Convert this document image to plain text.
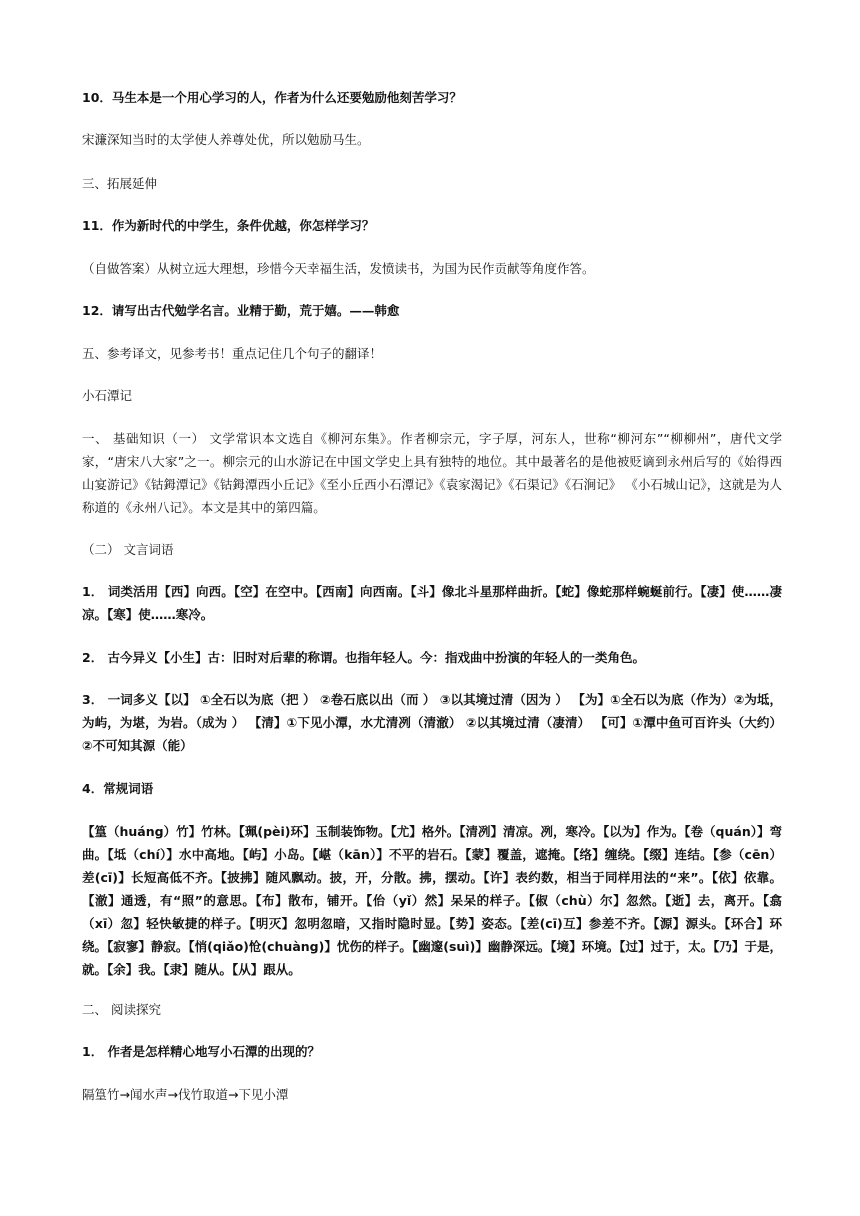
10．马生本是一个用心学习的人，作者为什么还要勉励他刻苦学习？

宋濂深知当时的太学使人养尊处优，所以勉励马生。

三、拓展延伸

11．作为新时代的中学生，条件优越，你怎样学习？

（自做答案）从树立远大理想，珍惜今天幸福生活，发愤读书，为国为民作贡献等角度作答。

12．请写出古代勉学名言。业精于勤，荒于嬉。——韩愈

五、参考译文，见参考书！重点记住几个句子的翻译！

小石潭记

一、 基础知识（一） 文学常识本文选自《柳河东集》。作者柳宗元，字子厚，河东人，世称“柳河东”“柳柳州”，唐代文学家，“唐宋八大家”之一。柳宗元的山水游记在中国文学史上具有独特的地位。其中最著名的是他被贬谪到永州后写的《始得西山宴游记》《钴鉧潭记》《钴鉧潭西小丘记》《至小丘西小石潭记》《袁家渴记》《石渠记》《石涧记》 《小石城山记》，这就是为人称道的《永州八记》。本文是其中的第四篇。

（二） 文言词语

1． 词类活用【西】向西。【空】在空中。【西南】向西南。【斗】像北斗星那样曲折。【蛇】像蛇那样蜿蜒前行。【凄】使……凄凉。【寒】使……寒冷。

2． 古今异义【小生】古：旧时对后辈的称谓。也指年轻人。今：指戏曲中扮演的年轻人的一类角色。

3． 一词多义【以】 ①全石以为底（把 ） ②卷石底以出（而 ） ③以其境过清（因为 ） 【为】①全石以为底（作为）②为坻，为屿，为堪，为岩。（成为 ） 【清】①下见小潭，水尤清冽（清澈） ②以其境过清（凄清） 【可】①潭中鱼可百许头（大约） ②不可知其源（能）

4．常规词语

【篁（huáng）竹】竹林。【珮(pèi)环】玉制装饰物。【尤】格外。【清冽】清凉。冽，寒冷。【以为】作为。【卷（quán）】弯曲。【坻（chí）】水中高地。【屿】小岛。【嵁（kān）】不平的岩石。【蒙】覆盖，遮掩。【络】缠绕。【缀】连结。【参（cēn）差(cī)】长短高低不齐。【披拂】随风飘动。披，开，分散。拂，摆动。【许】表约数，相当于同样用法的“来”。【依】依靠。【澈】通透，有“照”的意思。【布】散布，铺开。【佁（yǐ）然】呆呆的样子。【俶（chù）尔】忽然。【逝】去，离开。【翕（xī）忽】轻快敏捷的样子。【明灭】忽明忽暗，又指时隐时显。【势】姿态。【差(cī)互】参差不齐。【源】源头。【环合】环绕。【寂寥】静寂。【悄(qiǎo)怆(chuàng)】忧伤的样子。【幽邃(suì)】幽静深远。【境】环境。【过】过于，太。【乃】于是，就。【余】我。【隶】随从。【从】跟从。

二、 阅读探究

1． 作者是怎样精心地写小石潭的出现的？

隔篁竹→闻水声→伐竹取道→下见小潭
